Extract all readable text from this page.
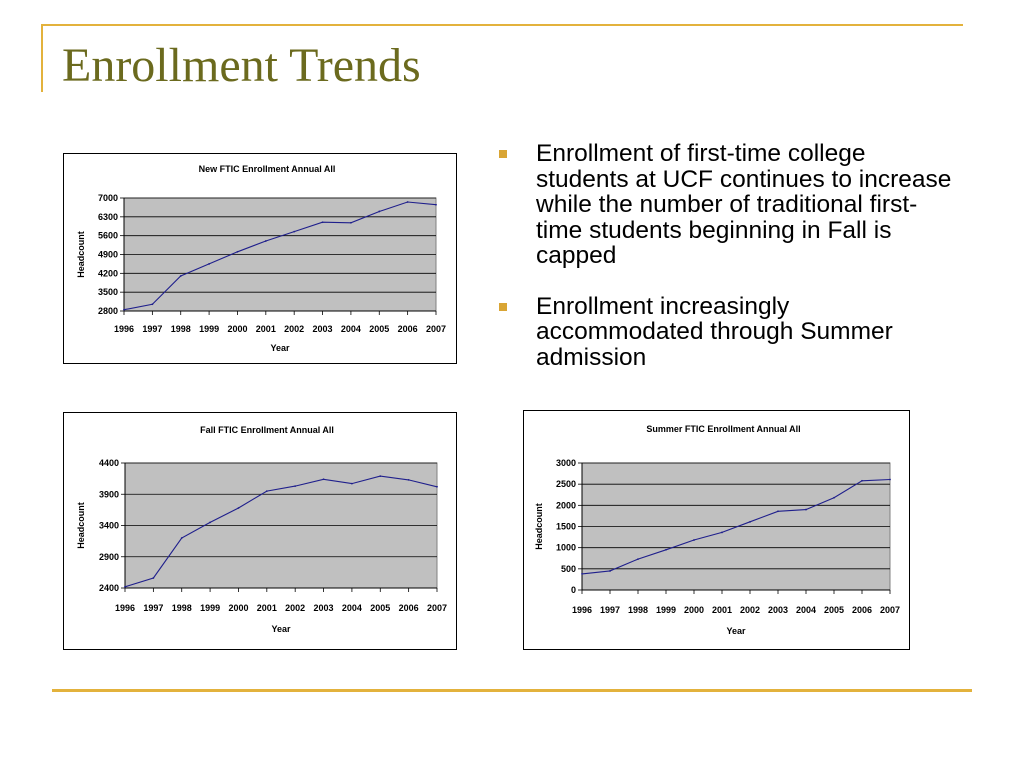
Enrollment Trends
Enrollment of first-time college students at UCF continues to increase while the number of traditional first-time students beginning in Fall is capped
Enrollment increasingly accommodated through Summer admission
2800
3500
4200
4900
5600
6300
7000
1996 1997 1998 1999 2000 2001 2002 2003 2004 2005 2006 2007
New FTIC Enrollment Annual All
Year
Headcount
2400
2900
3400
3900
4400
1996 1997 1998 1999 2000 2001 2002 2003 2004 2005 2006 2007
Fall FTIC Enrollment Annual All
Year
Headcount
0
500
1000
1500
2000
2500
3000
1996 1997 1998 1999 2000 2001 2002 2003 2004 2005 2006 2007
Summer FTIC Enrollment Annual All
Year
Headcount
